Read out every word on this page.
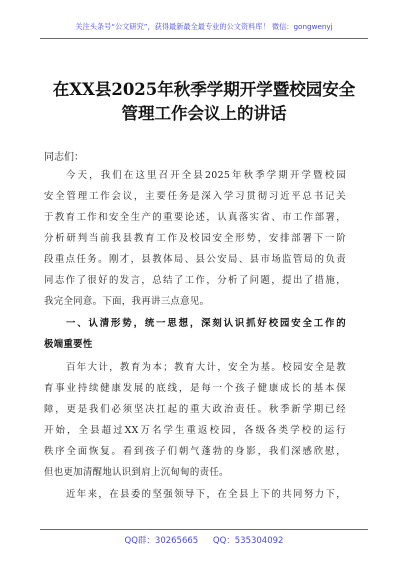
关注头条号“公文研究”，获得最新最全最专业的公文资料库！ 微信：gongwenyj
在XX县2025年秋季学期开学暨校园安全
管理工作会议上的讲话
同志们：
今天，我们在这里召开全县2025年秋季学期开学暨校园
安全管理工作会议，主要任务是深入学习贯彻习近平总书记关
于教育工作和安全生产的重要论述，认真落实省、市工作部署，
分析研判当前我县教育工作及校园安全形势，安排部署下一阶
段重点任务。刚才，县教体局、县公安局、县市场监管局的负责
同志作了很好的发言，总结了工作，分析了问题，提出了措施，
我完全同意。下面，我再讲三点意见。
一、认清形势，统一思想，深刻认识抓好校园安全工作的
极端重要性
百年大计，教育为本；教育大计，安全为基。校园安全是教
育事业持续健康发展的底线，是每一个孩子健康成长的基本保
障，更是我们必须坚决扛起的重大政治责任。秋季新学期已经
开始，全县超过XX万名学生重返校园，各级各类学校的运行
秩序全面恢复。看到孩子们朝气蓬勃的身影，我们深感欣慰，
但也更加清醒地认识到肩上沉甸甸的责任。
近年来，在县委的坚强领导下，在全县上下的共同努力下，
QQ群：30265665 QQ：535304092
